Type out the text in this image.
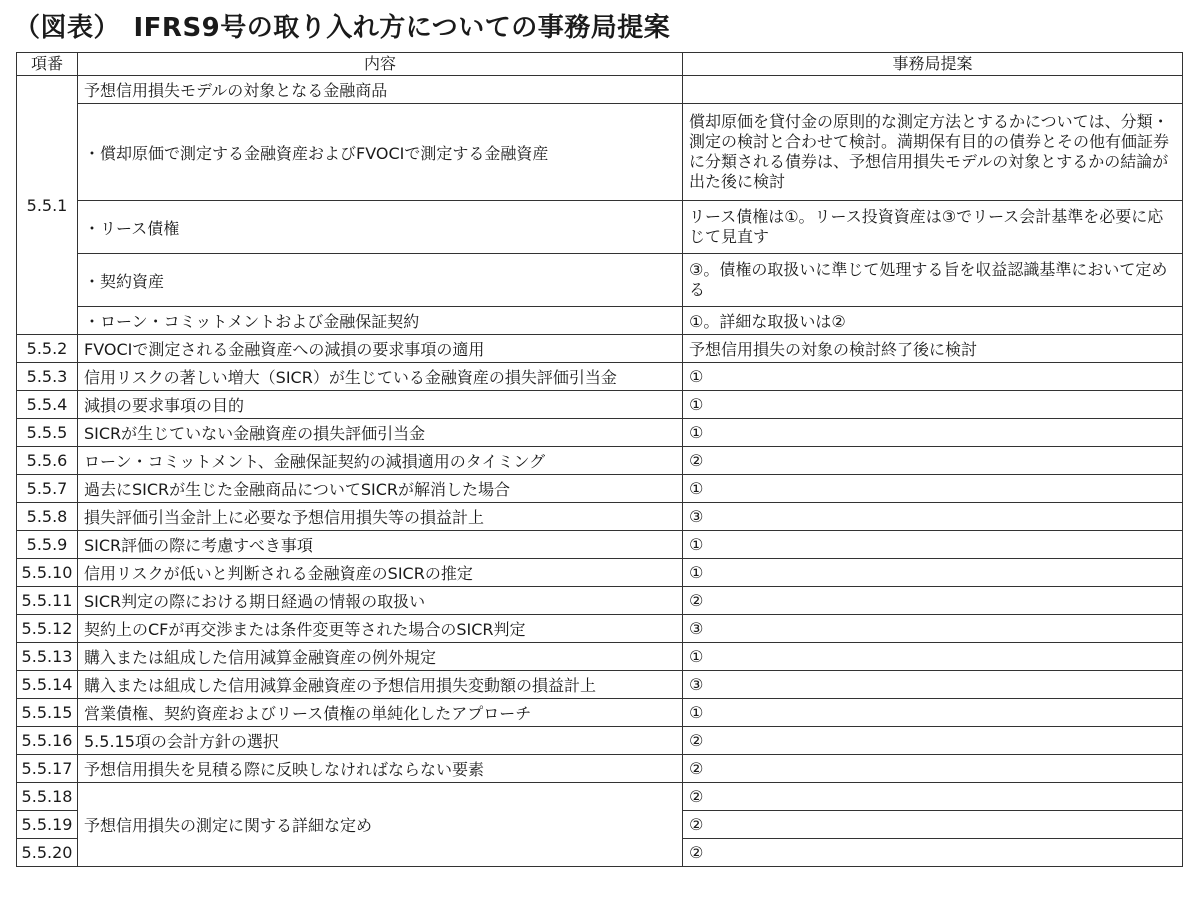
（図表）　IFRS9号の取り入れ方についての事務局提案
項番	内容	事務局提案
5.5.1	予想信用損失モデルの対象となる金融商品	
	・償却原価で測定する金融資産およびFVOCIで測定する金融資産	償却原価を貸付金の原則的な測定方法とするかについては、分類・測定の検討と合わせて検討。満期保有目的の債券とその他有価証券に分類される債券は、予想信用損失モデルの対象とするかの結論が出た後に検討
	・リース債権	リース債権は①。リース投資資産は③でリース会計基準を必要に応じて見直す
	・契約資産	③。債権の取扱いに準じて処理する旨を収益認識基準において定める
	・ローン・コミットメントおよび金融保証契約	①。詳細な取扱いは②
5.5.2	FVOCIで測定される金融資産への減損の要求事項の適用	予想信用損失の対象の検討終了後に検討
5.5.3	信用リスクの著しい増大（SICR）が生じている金融資産の損失評価引当金	①
5.5.4	減損の要求事項の目的	①
5.5.5	SICRが生じていない金融資産の損失評価引当金	①
5.5.6	ローン・コミットメント、金融保証契約の減損適用のタイミング	②
5.5.7	過去にSICRが生じた金融商品についてSICRが解消した場合	①
5.5.8	損失評価引当金計上に必要な予想信用損失等の損益計上	③
5.5.9	SICR評価の際に考慮すべき事項	①
5.5.10	信用リスクが低いと判断される金融資産のSICRの推定	①
5.5.11	SICR判定の際における期日経過の情報の取扱い	②
5.5.12	契約上のCFが再交渉または条件変更等された場合のSICR判定	③
5.5.13	購入または組成した信用減算金融資産の例外規定	①
5.5.14	購入または組成した信用減算金融資産の予想信用損失変動額の損益計上	③
5.5.15	営業債権、契約資産およびリース債権の単純化したアプローチ	①
5.5.16	5.5.15項の会計方針の選択	②
5.5.17	予想信用損失を見積る際に反映しなければならない要素	②
5.5.18	予想信用損失の測定に関する詳細な定め	②
5.5.19		②
5.5.20		②
